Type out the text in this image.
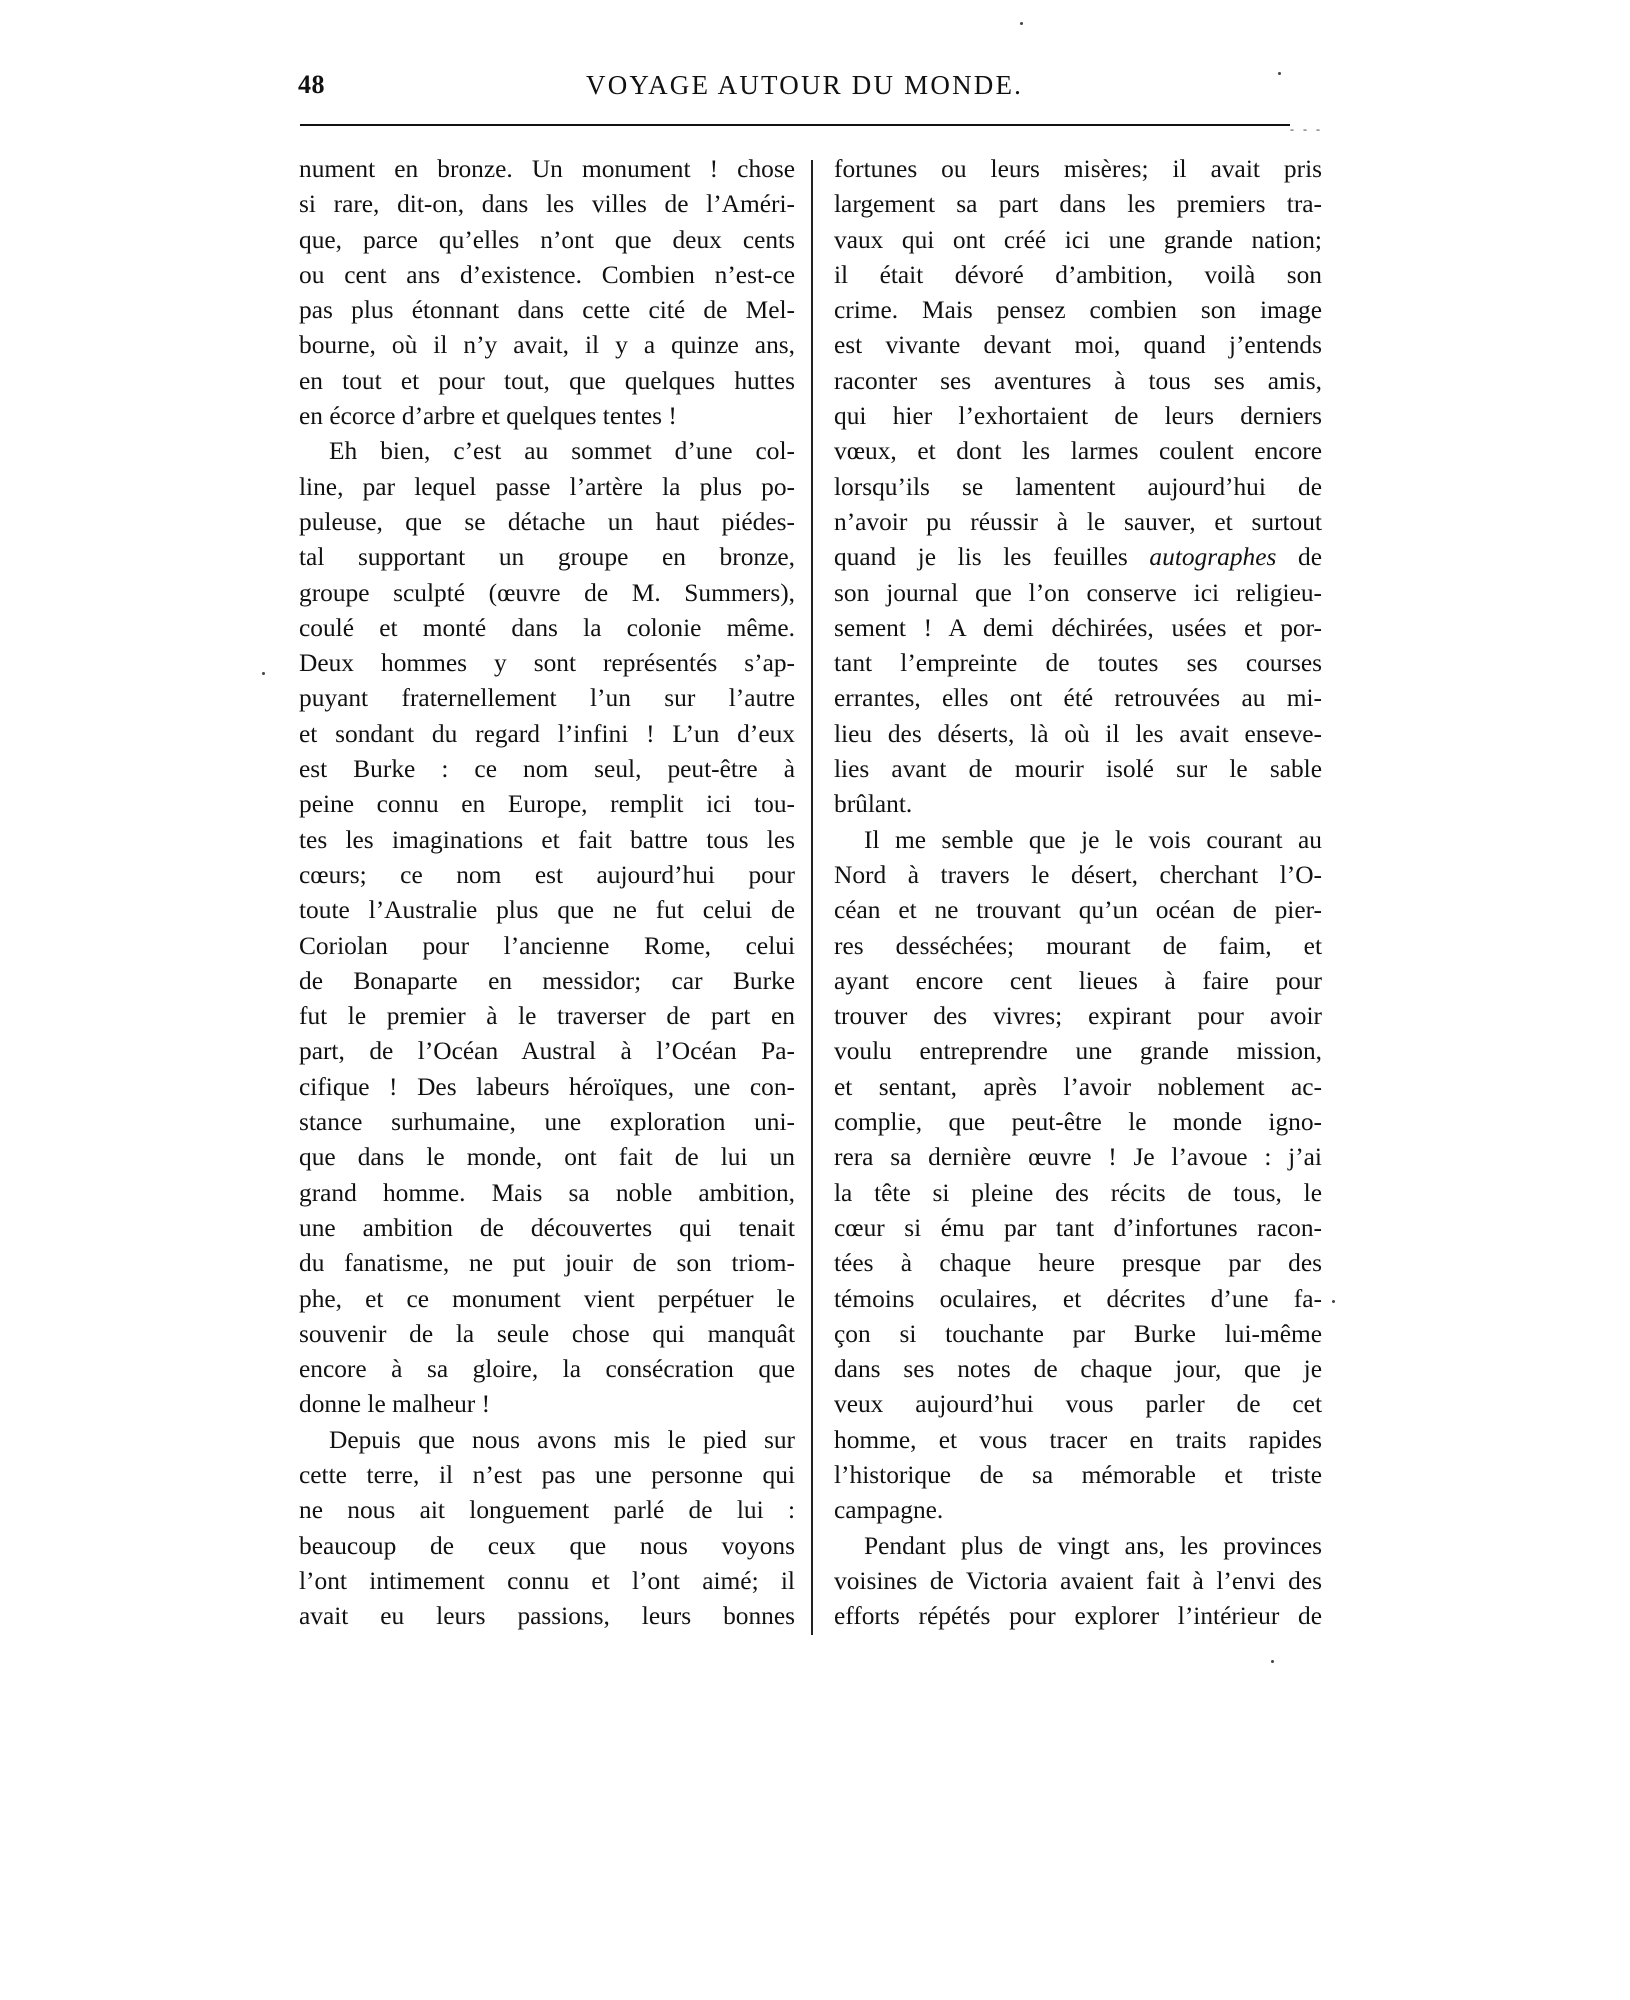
48	VOYAGE AUTOUR DU MONDE.
- - -
nument en bronze. Un monument ! chose
si rare, dit-on, dans les villes de l’Améri-
que, parce qu’elles n’ont que deux cents
ou cent ans d’existence. Combien n’est-ce
pas plus étonnant dans cette cité de Mel-
bourne, où il n’y avait, il y a quinze ans,
en tout et pour tout, que quelques huttes
en écorce d’arbre et quelques tentes !
Eh bien, c’est au sommet d’une col-
line, par lequel passe l’artère la plus po-
puleuse, que se détache un haut piédes-
tal supportant un groupe en bronze,
groupe sculpté (œuvre de M. Summers),
coulé et monté dans la colonie même.
Deux hommes y sont représentés s’ap-
puyant fraternellement l’un sur l’autre
et sondant du regard l’infini ! L’un d’eux
est Burke : ce nom seul, peut-être à
peine connu en Europe, remplit ici tou-
tes les imaginations et fait battre tous les
cœurs; ce nom est aujourd’hui pour
toute l’Australie plus que ne fut celui de
Coriolan pour l’ancienne Rome, celui
de Bonaparte en messidor; car Burke
fut le premier à le traverser de part en
part, de l’Océan Austral à l’Océan Pa-
cifique ! Des labeurs héroïques, une con-
stance surhumaine, une exploration uni-
que dans le monde, ont fait de lui un
grand homme. Mais sa noble ambition,
une ambition de découvertes qui tenait
du fanatisme, ne put jouir de son triom-
phe, et ce monument vient perpétuer le
souvenir de la seule chose qui manquât
encore à sa gloire, la consécration que
donne le malheur !
Depuis que nous avons mis le pied sur
cette terre, il n’est pas une personne qui
ne nous ait longuement parlé de lui :
beaucoup de ceux que nous voyons
l’ont intimement connu et l’ont aimé; il
avait eu leurs passions, leurs bonnes
fortunes ou leurs misères; il avait pris
largement sa part dans les premiers tra-
vaux qui ont créé ici une grande nation;
il était dévoré d’ambition, voilà son
crime. Mais pensez combien son image
est vivante devant moi, quand j’entends
raconter ses aventures à tous ses amis,
qui hier l’exhortaient de leurs derniers
vœux, et dont les larmes coulent encore
lorsqu’ils se lamentent aujourd’hui de
n’avoir pu réussir à le sauver, et surtout
quand je lis les feuilles autographes de
son journal que l’on conserve ici religieu-
sement ! A demi déchirées, usées et por-
tant l’empreinte de toutes ses courses
errantes, elles ont été retrouvées au mi-
lieu des déserts, là où il les avait enseve-
lies avant de mourir isolé sur le sable
brûlant.
Il me semble que je le vois courant au
Nord à travers le désert, cherchant l’O-
céan et ne trouvant qu’un océan de pier-
res desséchées; mourant de faim, et
ayant encore cent lieues à faire pour
trouver des vivres; expirant pour avoir
voulu entreprendre une grande mission,
et sentant, après l’avoir noblement ac-
complie, que peut-être le monde igno-
rera sa dernière œuvre ! Je l’avoue : j’ai
la tête si pleine des récits de tous, le
cœur si ému par tant d’infortunes racon-
tées à chaque heure presque par des
témoins oculaires, et décrites d’une fa-
çon si touchante par Burke lui-même
dans ses notes de chaque jour, que je
veux aujourd’hui vous parler de cet
homme, et vous tracer en traits rapides
l’historique de sa mémorable et triste
campagne.
Pendant plus de vingt ans, les provinces
voisines de Victoria avaient fait à l’envi des
efforts répétés pour explorer l’intérieur de
